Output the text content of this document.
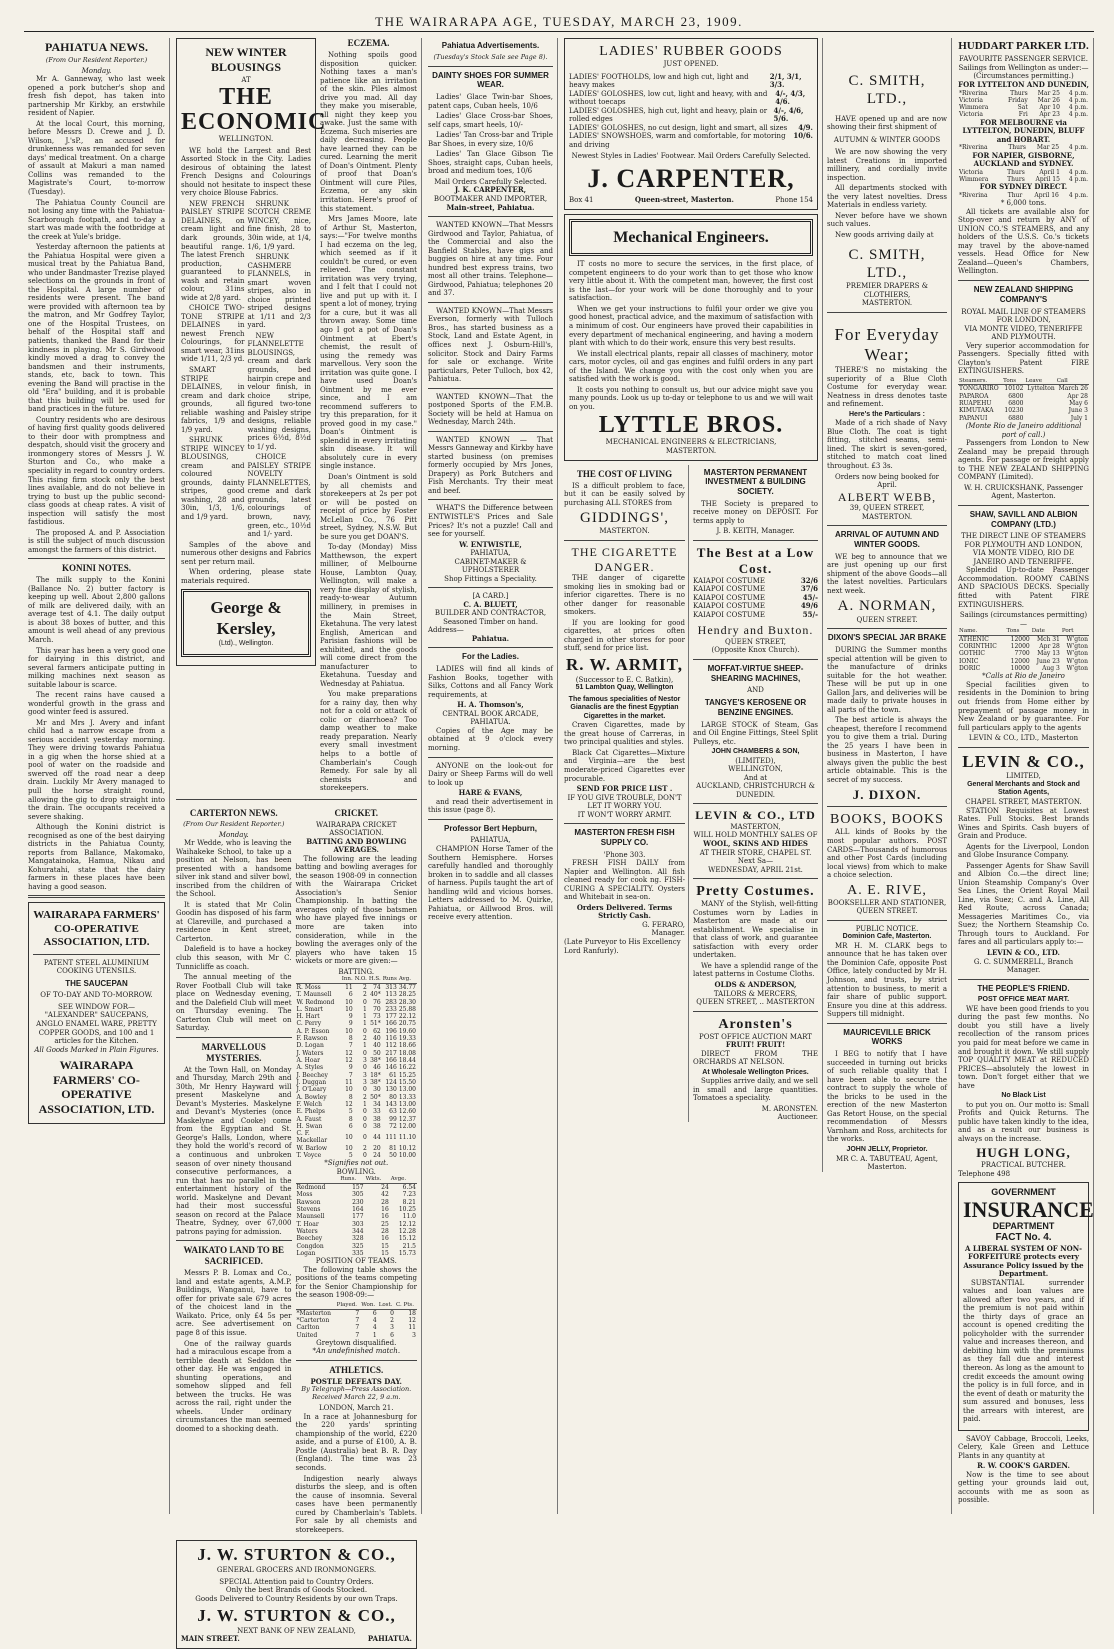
THE WAIRARAPA AGE, TUESDAY, MARCH 23, 1909.
PAHIATUA NEWS.
(From Our Resident Reporter.)
Monday.

Mr A. Ganneway, who last week opened a pork butcher's shop and fresh fish depot, has taken into partnership Mr Kirkby, an erstwhile resident of Napier.

At the local Court, this morning, before Messrs D. Crewe and J. D. Wilson, J.'sP., an accused for drunkenness was remanded for seven days' medical treatment. On a charge of assault at Makuri a man named Collins was remanded to the Magistrate's Court, to-morrow (Tuesday).

The Pahiatua County Council are not losing any time with the Pahiatua-Scarborough footpath, and to-day a start was made with the footbridge at the creek at Yule's bridge.

Yesterday afternoon the patients at the Pahiatua Hospital were given a musical treat by the Pahiatua Band, who under Bandmaster Trezise played selections on the grounds in front of the Hospital. A large number of residents were present. The band were provided with afternoon tea by the matron, and Mr Godfrey Taylor, one of the Hospital Trustees, on behalf of the Hospital staff and patients, thanked the Band for their kindness in playing. Mr S. Girdwood kindly moved a drag to convey the bandsmen and their instruments, stands, etc, back to town. This evening the Band will practise in the old "Era" building, and it is probable that this building will be used for band practices in the future.

Country residents who are desirous of having first quality goods delivered to their door with promptness and despatch, should visit the grocery and ironmongery stores of Messrs J. W. Sturton and Co., who make a speciality in regard to country orders. This rising firm stock only the best lines available, and do not believe in trying to bust up the public second-class goods at cheap rates. A visit of inspection will satisfy the most fastidious.

The proposed A. and P. Association is still the subject of much discussion amongst the farmers of this district.

KONINI NOTES.

The milk supply to the Konini (Ballance No. 2) butter factory is keeping up well. About 2,800 gallons of milk are delivered daily, with an average test of 4.1. The daily output is about 38 boxes of butter, and this amount is well ahead of any previous March.

This year has been a very good one for dairying in this district, and several farmers anticipate putting in milking machines next season as suitable labour is scarce.

The recent rains have caused a wonderful growth in the grass and good winter feed is assured.

Mr and Mrs J. Avery and infant child had a narrow escape from a serious accident yesterday morning. They were driving towards Pahiatua in a gig when the horse shied at a pool of water on the roadside and swerved off the road near a deep drain. Luckily Mr Avery managed to pull the horse straight round, allowing the gig to drop straight into the drain. The occupants received a severe shaking.

Although the Konini district is recognised as one of the best dairying districts in the Pahiatua County, reports from Ballance, Makomako, Mangatainoka, Hamua, Nikau and Kohuratahi, state that the dairy farmers in these places have been having a good season.

WAIRARAPA FARMERS' CO-OPERATIVE ASSOCIATION, LTD.
PATENT STEEL ALUMINIUM COOKING UTENSILS.
THE SAUCEPAN
OF TO-DAY AND TO-MORROW.
SEE WINDOW FOR—
"ALEXANDER" SAUCEPANS, ANGLO ENAMEL WARE, PRETTY COPPER GOODS, and 100 and 1 articles for the Kitchen.
All Goods Marked in Plain Figures.
WAIRARAPA FARMERS' CO-OPERATIVE ASSOCIATION, LTD.
NEW WINTER BLOUSINGS
AT
THE ECONOMIC
WELLINGTON.

WE hold the Largest and Best Assorted Stock in the City. Ladies desirous of obtaining the latest French Designs and Colourings should not hesitate to inspect these very choice Blouse Fabrics.

NEW FRENCH PAISLEY STRIPE DELAINES, on cream light and dark grounds, beautiful range. The latest French production, guaranteed to wash and retain colour, 31ins wide at 2/8 yard.

CHOICE TWO-TONE STRIPE DELAINES in newest French Colourings, for smart wear, 31ins wide 1/11, 2/3 yd.

SMART STRIPE DELAINES, in cream and dark grounds, all reliable washing fabrics, 1/9 and 1/9 yard.

SHRUNK STRIPE WINCEY BLOUSINGS, cream and coloured grounds, dainty stripes, good washing, 28 and 30in, 1/3, 1/6, and 1/9 yard.

SHRUNK SCOTCH CREME WINCEY, nice, fine finish, 28 to 30in wide, at 1/4, 1/6, 1/9 yard.

SHRUNK CASHMERE FLANNELS, in smart woven stripes, also in choice printed striped designs at 1/11 and 2/3 yard.

NEW FLANNELETTE BLOUSINGS, cream and dark grounds, bed hairpin crepe and velour finish, in choice stripe, figured two-tone and Paisley stripe designs, reliable washing designs, prices 6½d, 8½d to 1/ yd.

CHOICE PAISLEY STRIPE NOVELTY FLANNELETTES, creme and dark grounds, latest colourings of brown, navy, green, etc., 10½d and 1/- yard.

Samples of the above and numerous other designs and Fabrics sent per return mail.

When ordering, please state materials required.

George & Kersley,
(Ltd)., Wellington.
ECZEMA.

Nothing spoils good disposition quicker. Nothing taxes a man's patience like an irritation of the skin. Piles almost drive you mad. All day they make you miserable, all night they keep you awake. Just the same with Eczema. Such miseries are daily decreasing. People have learned they can be cured. Learning the merit of Doan's Ointment. Plenty of proof that Doan's Ointment will cure Piles, Eczema, or any skin irritation. Here's proof of this statement.

Mrs James Moore, late of Arthur St, Masterton, says:—"For twelve months I had eczema on the leg, which seemed as if it couldn't be cured, or even relieved. The constant irritation was very trying, and I felt that I could not live and put up with it. I spent a lot of money, trying for a cure, but it was all thrown away. Some time ago I got a pot of Doan's Ointment at Ebert's chemist, the result of using the remedy was marvellous. Very soon the irritation was quite gone. I have used Doan's Ointment by me ever since, and I am recommend sufferers to try this preparation, for it proved good in my case." Doan's Ointment is splendid in every irritating skin disease. It will absolutely cure in every single instance.

Doan's Ointment is sold by all chemists and storekeepers at 2s per pot or will be posted on receipt of price by Foster McLellan Co., 76 Pitt street, Sydney, N.S.W. But be sure you get DOAN'S.

To-day (Monday) Miss Matthewson, the expert milliner, of Melbourne House, Lambton Quay, Wellington, will make a very fine display of stylish, ready-to-wear Autumn millinery, in premises in the Main Street, Eketahuna. The very latest English, American and Parisian fashions will be exhibited, and the goods will come direct from the manufacturer to Eketahuna. Tuesday and Wednesday at Pahiatua.

You make preparations for a rainy day, then why not for a cold or attack of colic or diarrhoea? Too damp weather to make ready preparation. Nearly every small investment helps to a bottle of Chamberlain's Cough Remedy. For sale by all chemists and storekeepers.

CARTERTON NEWS.
(From Our Resident Reporter.)
Monday.

Mr Wedde, who is leaving the Waihakeke School, to take up a position at Nelson, has been presented with a handsome silver ink stand and silver bowl, inscribed from the children of the School.

It is stated that Mr Colin Goodin has disposed of his farm at Clareville, and purchased a residence in Kent street, Carterton.

Dalefield is to have a hockey club this season, with Mr C. Tunnicliffe as coach.

The annual meeting of the Rover Football Club will take place on Wednesday evening, and the Dalefield Club will meet on Thursday evening. The Carterton Club will meet on Saturday.

MARVELLOUS MYSTERIES.

At the Town Hall, on Monday and Thursday, March 29th and 30th, Mr Henry Hayward will present Maskelyne and Devant's Mysteries. Maskelyne and Devant's Mysteries (once Maskelyne and Cooke) come from the Egyptian and St. George's Halls, London, where they hold the world's record of a continuous and unbroken season of over ninety thousand consecutive performances, a run that has no parallel in the entertainment history of the world. Maskelyne and Devant had their most successful season on record at the Palace Theatre, Sydney, over 67,000 patrons paying for admission.

WAIKATO LAND TO BE SACRIFICED.

Messrs P. B. Lomax and Co., land and estate agents, A.M.P. Buildings, Wanganui, have to offer for private sale 679 acres of the choicest land in the Waikato. Price, only £4 5s per acre. See advertisement on page 8 of this issue.

One of the railway guards had a miraculous escape from a terrible death at Seddon the other day. He was engaged in shunting operations, and somehow slipped and fell between the trucks. He was across the rail, right under the wheels. Under ordinary circumstances the man seemed doomed to a shocking death.

CRICKET.
WAIRARAPA CRICKET ASSOCIATION.
BATTING AND BOWLING AVERAGES.

The following are the leading batting and bowling averages for the season 1908-09 in connection with the Wairarapa Cricket Association's Senior Championship. In batting the averages only of those batsmen who have played five innings or more are taken into consideration, while in the bowling the averages only of the players who have taken 15 wickets or more are given:—

BATTING.
	Inn.	N.O.	H.S.	Runs	Avg.
R. Moss	11	2	74	313	34.77
T. Maunsell	6	2	40*	113	28.25
W. Redmond	10	0	76	283	28.30
L. Smart	10	1	70	233	25.88
H. Hart	9	1	73	177	22.12
C. Perry	9	1	51*	166	20.75
A. P. Esson	10	0	62	196	19.60
F. Rawson	8	2	40	116	19.33
D. Logan	7	1	40	112	18.66
J. Waters	12	0	50	217	18.08
A. Hoar	12	3	38*	166	18.44
A. Styles	9	0	46	146	16.22
J. Beechey	7	3	18*	61	15.25
J. Duggan	11	3	38*	124	15.50
J. O'Leary	10	0	30	130	13.00
A. Bowley	8	2	50*	80	13.33
F. Welch	12	1	34	143	13.00
E. Phelps	5	0	33	63	12.60
A. Faust	8	0	38	99	12.37
H. Swan	6	0	38	72	12.00
C. F. Mackellar	10	0	44	111	11.10
W. Barlow	10	2	20	81	10.12
T. Voyce	5	0	24	50	10.00
*Signifies not out.
BOWLING.
	Runs.	Wkts.	Avge.
Redmond	157	24	6.54
Moss	305	42	7.23
Rawson	230	28	8.21
Stevens	164	16	10.25
Maunsell	177	16	11.0
T. Hoar	303	25	12.12
Waters	344	28	12.28
Beechey	328	16	15.12
Congdon	325	15	21.5
Logan	335	15	15.73
POSITION OF TEAMS.

The following table shows the positions of the teams competing for the Senior Championship for the season 1908-09:—

	Played.	Won.	Lost.	C. Pts.
*Masterton	7	6	0	18
*Carterton	7	4	2	12
Carlton	7	4	3	11
United	7	1	6	3
Greytown disqualified.
*An undefinished match.
ATHLETICS.
POSTLE DEFEATS DAY.
By Telegraph—Press Association. Received March 22, 9 a.m.
LONDON, March 21.

In a race at Johannesburg for the 220 yards' sprinting championship of the world, £220 aside, and a purse of £100, A. B. Postle (Australia) beat B. R. Day (England). The time was 23 seconds.

Indigestion nearly always disturbs the sleep, and is often the cause of insomnia. Several cases have been permanently cured by Chamberlain's Tablets. For sale by all chemists and storekeepers.

J. W. STURTON & CO.,
GENERAL GROCERS AND IRONMONGERS.
SPECIAL Attention paid to Country Orders.
Only the best Brands of Goods Stocked.
Goods Delivered to Country Residents by our own Traps.
J. W. STURTON & CO.,
NEXT BANK OF NEW ZEALAND,
MAIN STREET.	PAHIATUA.
Pahiatua Advertisements.
(Tuesday's Stock Sale see Page 8).
DAINTY SHOES FOR SUMMER WEAR.

Ladies' Glace Twin-bar Shoes, patent caps, Cuban heels, 10/6

Ladies' Glace Cross-bar Shoes, self caps, smart heels, 10/-

Ladies' Tan Cross-bar and Triple Bar Shoes, in every size, 10/6

Ladies' Tan Glace Gibson Tie Shoes, straight caps, Cuban heels, broad and medium toes, 10/6

Mail Orders Carefully Selected.
J. K. CARPENTER,
BOOTMAKER AND IMPORTER,
Main-street, Pahiatua.

WANTED KNOWN—That Messrs Girdwood and Taylor, Pahiatua, of the Commercial and also the Banfield Stables, have gigs and buggies on hire at any time. Four hundred best express trains, two most all other trains. Telephone—Girdwood, Pahiatua; telephones 20 and 37.

WANTED KNOWN—That Messrs Everson, formerly with Tulloch Bros., has started business as a Stock, Land and Estate Agent, in offices next J. Osburn-Hill's, solicitor. Stock and Dairy Farms for sale or exchange. Write particulars, Peter Tulloch, box 42, Pahiatua.

WANTED KNOWN—That the postponed Sports of the F.M.B. Society will be held at Hamua on Wednesday, March 24th.

WANTED KNOWN — That Messrs Ganneway and Kirkby have started business (on premises formerly occupied by Mrs Jones, Drapery) as Pork Butchers and Fish Merchants. Try their meat and beef.

WHAT'S the Difference between ENTWISTLE'S Prices and Sale Prices? It's not a puzzle! Call and see for yourself.

W. ENTWISTLE,
PAHIATUA,
CABINET-MAKER & UPHOLSTERER
Shop Fittings a Speciality.
[A CARD.]
C. A. BLUETT,
BUILDER AND CONTRACTOR,
Seasoned Timber on hand.
Address—
Pahiatua.
For the Ladies.

LADIES will find all kinds of Fashion Books, together with Silks, Cottons and all Fancy Work requirements, at

H. A. Thomson's,
CENTRAL BOOK ARCADE, PAHIATUA.

Copies of the Age may be obtained at 9 o'clock every morning.

ANYONE on the look-out for Dairy or Sheep Farms will do well to look up

HARE & EVANS,

and read their advertisement in this issue (page 8).

Professor Bert Hepburn,
PAHIATUA,

CHAMPION Horse Tamer of the Southern Hemisphere. Horses carefully handled and thoroughly broken in to saddle and all classes of harness. Pupils taught the art of handling wild and vicious horses. Letters addressed to M. Quirke, Pahiatua, or Aillwood Bros. will receive every attention.

LADIES' RUBBER GOODS
JUST OPENED.
LADIES' FOOTHOLDS, low and high cut, light and heavy makes
2/1, 3/1, 3/3.
LADIES' GOLOSHES, low cut, light and heavy, with and without toecaps
4/-, 4/3, 4/6.
LADIES' GOLOSHES, high cut, light and heavy, plain or rolled edges
4/-, 4/6, 5/6.
LADIES' GOLOSHES, no cut design, light and smart, all sizes 4/9.
LADIES' SNOWSHOES, warm and comfortable, for motoring and driving
10/6.
Newest Styles in Ladies' Footwear. Mail Orders Carefully Selected.
J. CARPENTER,
Box 41	Queen-street, Masterton.	Phone 154
Mechanical Engineers.

IT costs no more to secure the services, in the first place, of competent engineers to do your work than to get those who know very little about it. With the competent man, however, the first cost is the last—for your work will be done thoroughly and to your satisfaction.

When we get your instructions to fulfil your order we give you good honest, practical advice, and the maximum of satisfaction with a minimum of cost. Our engineers have proved their capabilities in every department of mechanical engineering, and having a modern plant with which to do their work, ensure this very best results.

We install electrical plants, repair all classes of machinery, motor cars, motor cycles, oil and gas engines and fulfil orders in any part of the Island. We change you with the cost only when you are satisfied with the work is good.

It costs you nothing to consult us, but our advice might save you many pounds. Look us up to-day or telephone to us and we will wait on you.

LYTTLE BROS.
MECHANICAL ENGINEERS & ELECTRICIANS,
MASTERTON.
THE COST OF LIVING

IS a difficult problem to face, but it can be easily solved by purchasing ALL STORES from

GIDDINGS',
MASTERTON.
THE CIGARETTE DANGER.

THE danger of cigarette smoking lies in smoking bad or inferior cigarettes. There is no other danger for reasonable smokers.

If you are looking for good cigarettes, at prices often charged in other stores for poor stuff, send for price list.

R. W. ARMIT,
(Successor to E. C. Batkin),
51 Lambton Quay, Wellington
The famous specialities of Nestor Gianaclis are the finest Egyptian Cigarettes in the market.

Craven Cigarettes, made by the great house of Carreras, in two principal qualities and styles.

Black Cat Cigarettes—Mixture and Virginia—are the best moderate-priced Cigarettes ever procurable.

SEND FOR PRICE LIST .
IF YOU GIVE TROUBLE, DON'T LET IT WORRY YOU.
IT WON'T WORRY ARMIT.
MASTERTON FRESH FISH SUPPLY CO.
'Phone 303.

FRESH FISH DAILY from Napier and Wellington. All fish cleaned ready for cook ng. FISH-CURING A SPECIALITY. Oysters and Whitebait in sea-on.

Orders Delivered. Terms Strictly Cash.
G. FERARO,
Manager.
(Late Purveyor to His Excellency Lord Ranfurly).
MASTERTON PERMANENT INVESTMENT & BUILDING SOCIETY.

THE Society is prepared to receive money on DEPOSIT. For terms apply to

J. B. KEITH, Manager.
The Best at a Low Cost.
KAIAPOI COSTUME	32/6
KAIAPOI COSTUME	37/6
KAIAPOI COSTUME	45/-
KAIAPOI COSTUME	49/6
KAIAPOI COSTUME	55/-
Hendry and Buxton.
QUEEN STREET,
(Opposite Knox Church).
MOFFAT-VIRTUE SHEEP-SHEARING MACHINES,
AND
TANGYE'S KEROSENE OR BENZINE ENGINES.

LARGE STOCK of Steam, Gas and Oil Engine Fittings, Steel Split Pulleys, etc.

JOHN CHAMBERS & SON,
(LIMITED),
WELLINGTON,
And at
AUCKLAND, CHRISTCHURCH & DUNEDIN.
LEVIN & CO., LTD
MASTERTON,
WILL HOLD MONTHLY SALES OF
WOOL, SKINS AND HIDES
AT THEIR STORE, CHAPEL ST.
Next Sa—
WEDNESDAY, APRIL 21st.
Pretty Costumes.

MANY of the Stylish, well-fitting Costumes worn by Ladies in Masterton are made at our establishment. We specialise in that class of work, and guarantee satisfaction with every order undertaken.

We have a splendid range of the latest patterns in Costume Cloths.

OLDS & ANDERSON,
TAILORS & MERCERS,
QUEEN STREET, .. MASTERTON
Aronsten's
POST OFFICE AUCTION MART
FRUIT! FRUIT!

DIRECT FROM THE ORCHARDS AT NELSON.

At Wholesale Wellington Prices.

Supplies arrive daily, and we sell in small and large quantities. Tomatoes a speciality.

M. ARONSTEN.
Auctioneer.
C. SMITH, LTD.,

HAVE opened up and are now showing their first shipment of

AUTUMN & WINTER GOODS

We are now showing the very latest Creations in imported millinery, and cordially invite inspection.

All departments stocked with the very latest novelties. Dress Materials in endless variety.

Never before have we shown such values.

New goods arriving daily at

C. SMITH, LTD.,
PREMIER DRAPERS & CLOTHIERS,
MASTERTON.
For Everyday Wear;

THERE'S no mistaking the superiority of a Blue Cloth Costume for everyday wear. Neatness in dress denotes taste and refinement.

Here's the Particulars :

Made of a rich shade of Navy Blue Cloth. The coat is tight fitting, stitched seams, semi-lined. The skirt is seven-gored, stitched to match coat lined throughout. £3 3s.

Orders now being booked for April.
ALBERT WEBB,
39, QUEEN STREET, MASTERTON.
ARRIVAL OF AUTUMN AND WINTER GOODS.

WE beg to announce that we are just opening up our first shipment of the above Goods—all the latest novelties. Particulars next week.

A. NORMAN,
QUEEN STREET.
DIXON'S SPECIAL JAR BRAKE

DURING the Summer months special attention will be given to the manufacture of drinks suitable for the hot weather. These will be put up in one Gallon Jars, and deliveries will be made daily to private houses in all parts of the town.

The best article is always the cheapest, therefore I recommend you to give them a trial. During the 25 years I have been in business in Masterton, I have always given the public the best article obtainable. This is the secret of my success.

J. DIXON.
BOOKS, BOOKS

ALL kinds of Books by the most popular authors. POST CARDS—Thousands of humorous and other Post Cards (including local views) from which to make a choice selection.

A. E. RIVE,
BOOKSELLER AND STATIONER, QUEEN STREET.
PUBLIC NOTICE.
Dominion Cafe, Masterton.

MR H. M. CLARK begs to announce that he has taken over the Dominion Cafe, opposite Post Office, lately conducted by Mr H. Johnson, and trusts, by strict attention to business, to merit a fair share of public support. Ensure you dine at this address. Suppers till midnight.

MAURICEVILLE BRICK WORKS

I BEG to notify that I have succeeded in turning out bricks of such reliable quality that I have been able to secure the contract to supply the whole of the bricks to be used in the erection of the new Masterton Gas Retort House, on the special recommendation of Messrs Varnham and Ross, architects for the works.

JOHN JELLY, Proprietor.
MR C. A. TABUTEAU, Agent, Masterton.
HUDDART PARKER LTD.
FAVOURITE PASSENGER SERVICE.
Sailings from Wellington as under:—(Circumstances permitting.)
FOR LYTTELTON AND DUNEDIN,
*Riverina	Thurs	Mar 25	4 p.m.
Victoria	Friday	Mar 26	4 p.m.
Wimmera	Sat	Apr 10	4 p.m.
Victoria	Fri	Apr 23	4 p.m.
FOR MELBOURNE via LYTTELTON, DUNEDIN, BLUFF and HOBART.
*Riverina	Thurs	Mar 25	4 p.m.
FOR NAPIER, GISBORNE, AUCKLAND and SYDNEY.
Victoria	Thurs	April 1	4 p.m.
Wimmera	Thurs	April 15	4 p.m.
FOR SYDNEY DIRECT.
*Riverina	Thur	April 16	4 p.m.
* 6,000 tons.

All tickets are available also for Stop-over and return by ANY of UNION CO.'S STEAMERS, and any holders of the U.S.S. Co.'s tickets may travel by the above-named vessels. Head Office for New Zealand—Queen's Chambers, Wellington.

NEW ZEALAND SHIPPING COMPANY'S
ROYAL MAIL LINE OF STEAMERS FOR LONDON,
VIA MONTE VIDEO, TENERIFFE AND PLYMOUTH.

Very superior accommodation for Passengers. Specially fitted with Clayton's Patent FIRE EXTINGUISHERS.

Steamers.	Tons	Leave	Call
TONGARIRO	10102	Lyttelton	March 26
PAPAROA	6800		Apr 28
RUAPEHU	6800		May 6
KIMUTAKA	10230		June 3
PAPANUI	6880		July 1
(Monte Rio de Janeiro additional port of call.)

Passengers from London to New Zealand may be prepaid through agents. For passage or freight apply to THE NEW ZEALAND SHIPPING COMPANY (Limited).

W. H. CRUICKSHANK, Passenger Agent, Masterton.
SHAW, SAVILL AND ALBION COMPANY (LTD.)
THE DIRECT LINE OF STEAMERS FOR PLYMOUTH AND LONDON,
VIA MONTE VIDEO, RIO DE JANEIRO AND TENERIFFE.

Splendid Up-to-date Passenger Accommodation. ROOMY CABINS AND SPACIOUS DECKS. Specially fitted with Patent FIRE EXTINGUISHERS.

Sailings (circumstances permitting)—
Name.	Tons	Date	Port
ATHENIC	12000	Mch 31	W'gton
CORINTHIC	12000	Apr 28	W'gton
GOTHIC	7700	May 13	W'gton
IONIC	12000	June 23	W'gton
DORIC	10000	Aug 3	W'gton
*Calls at Rio de Janeiro

Special facilities given to residents in the Dominion to bring out friends from Home either by prepayment of passage money in New Zealand or by guarantee. For full particulars apply to the agents

LEVIN & CO., LTD., Masterton
LEVIN & CO.,
LIMITED,
General Merchants and Stock and Station Agents,
CHAPEL STREET, MASTERTON.

STATION Requisites at Lowest Rates. Full Stocks. Best brands Wines and Spirits. Cash buyers of Grain and Produce.

Agents for the Liverpool, London and Globe Insurance Company.

Passenger Agents for Shaw Savill and Albion Co.—the direct line; Union Steamship Company's Over Sea Lines, the Orient Royal Mail Line, via Suez; C. and A. Line, All Red Route, across Canada; Messageries Maritimes Co., via Suez; the Northern Steamship Co. Through tours to Auckland. For fares and all particulars apply to:—

LEVIN & CO., LTD.
G. C. SUMMERELL, Branch Manager.
THE PEOPLE'S FRIEND.
POST OFFICE MEAT MART.

WE have been good friends to you during the past few months. No doubt you still have a lively recollection of the ransom prices you paid for meat before we came in and brought it down. We still supply TOP QUALITY MEAT at REDUCED PRICES—absolutely the lowest in town. Don't forget either that we have

No Black List

to put you on. Our motto is: Small Profits and Quick Returns. The public have taken kindly to the idea, and as a result our business is always on the increase.

HUGH LONG,
PRACTICAL BUTCHER.
Telephone 498
GOVERNMENT
INSURANCE
DEPARTMENT
FACT No. 4.
A LIBERAL SYSTEM OF NON-FORFEITURE protects every Assurance Policy issued by the Department.

SUBSTANTIAL surrender values and loan values are allowed after two years, and if the premium is not paid within the thirty days of grace an account is opened crediting the policyholder with the surrender value and increases thereon, and debiting him with the premiums as they fall due and interest thereon. As long as the amount to credit exceeds the amount owing the policy is in full force, and in the event of death or maturity the sum assured and bonuses, less the arrears with interest, are paid.

SAVOY Cabbage, Broccoli, Leeks, Celery, Kale Green and Lettuce Plants in any quantity at

R. W. COOK'S GARDEN.

Now is the time to see about getting your grounds laid out, accounts with me as soon as possible.
